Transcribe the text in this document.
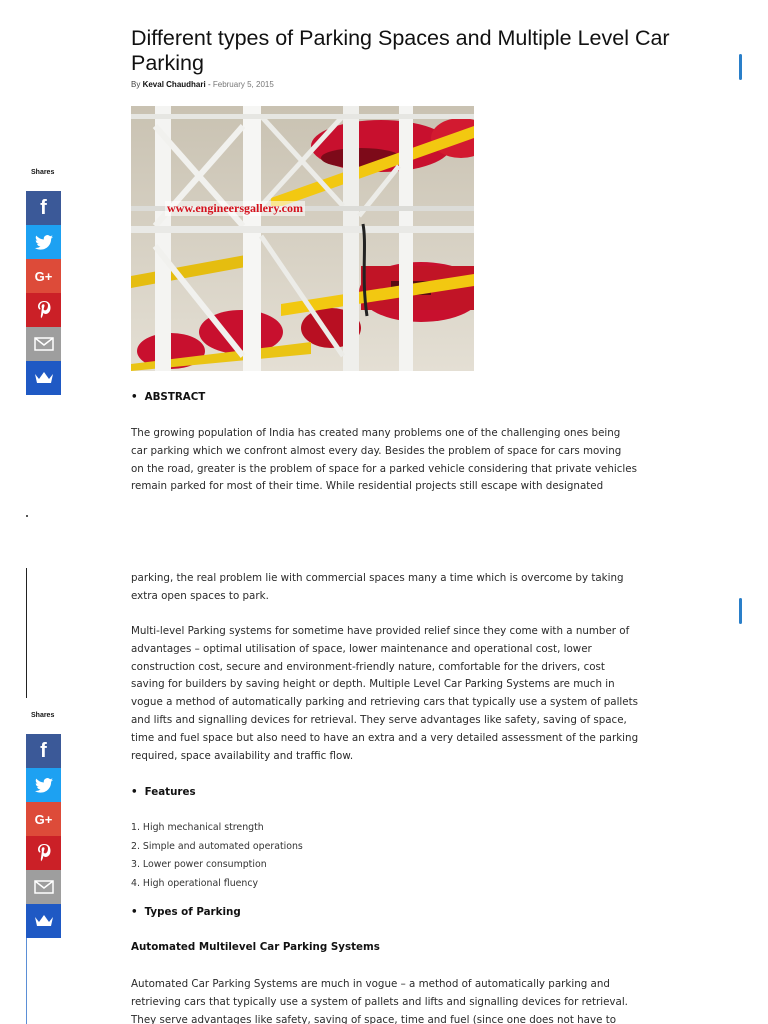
Different types of Parking Spaces and Multiple Level Car Parking
By Keval Chaudhari - February 5, 2015
www.engineersgallery.com
• ABSTRACT
The growing population of India has created many problems one of the challenging ones being
car parking which we confront almost every day. Besides the problem of space for cars moving
on the road, greater is the problem of space for a parked vehicle considering that private vehicles
remain parked for most of their time. While residential projects still escape with designated
parking, the real problem lie with commercial spaces many a time which is overcome by taking
extra open spaces to park.
Multi-level Parking systems for sometime have provided relief since they come with a number of
advantages – optimal utilisation of space, lower maintenance and operational cost, lower
construction cost, secure and environment-friendly nature, comfortable for the drivers, cost
saving for builders by saving height or depth. Multiple Level Car Parking Systems are much in
vogue a method of automatically parking and retrieving cars that typically use a system of pallets
and lifts and signalling devices for retrieval. They serve advantages like safety, saving of space,
time and fuel space but also need to have an extra and a very detailed assessment of the parking
required, space availability and traffic flow.
• Features
1. High mechanical strength
2. Simple and automated operations
3. Lower power consumption
4. High operational fluency
• Types of Parking
Automated Multilevel Car Parking Systems
Automated Car Parking Systems are much in vogue – a method of automatically parking and
retrieving cars that typically use a system of pallets and lifts and signalling devices for retrieval.
They serve advantages like safety, saving of space, time and fuel (since one does not have to
Shares
f
G+
Shares
f
G+
